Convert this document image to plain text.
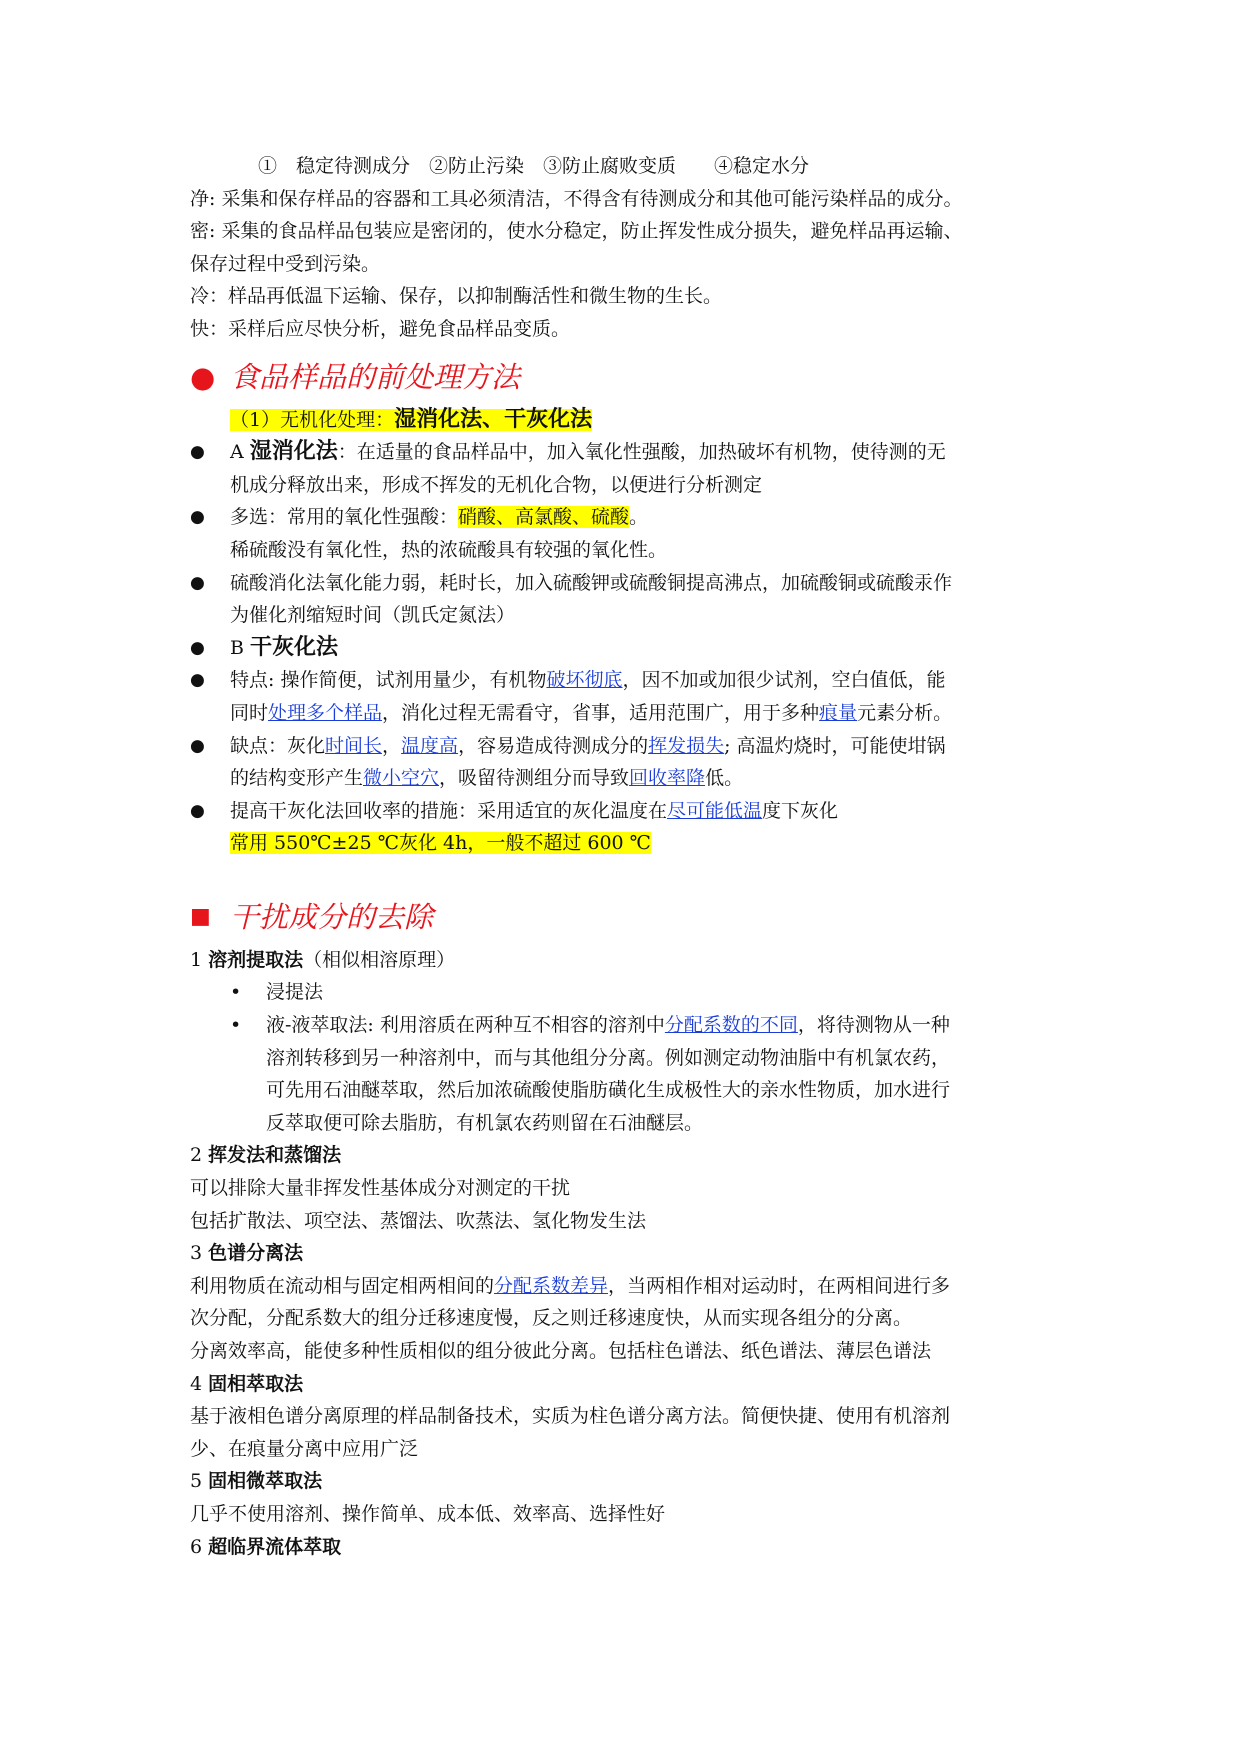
①　稳定待测成分　②防止污染　③防止腐败变质　　④稳定水分
净: 采集和保存样品的容器和工具必须清洁，不得含有待测成分和其他可能污染样品的成分。
密: 采集的食品样品包装应是密闭的，使水分稳定，防止挥发性成分损失，避免样品再运输、
保存过程中受到污染。
冷：样品再低温下运输、保存，以抑制酶活性和微生物的生长。
快：采样后应尽快分析，避免食品样品变质。
● 食品样品的前处理方法
（1）无机化处理：湿消化法、干灰化法
● A 湿消化法：在适量的食品样品中，加入氧化性强酸，加热破坏有机物，使待测的无
机成分释放出来，形成不挥发的无机化合物，以便进行分析测定
● 多选：常用的氧化性强酸：硝酸、高氯酸、硫酸。
稀硫酸没有氧化性，热的浓硫酸具有较强的氧化性。
● 硫酸消化法氧化能力弱，耗时长，加入硫酸钾或硫酸铜提高沸点，加硫酸铜或硫酸汞作
为催化剂缩短时间（凯氏定氮法）
● B 干灰化法
● 特点: 操作简便，试剂用量少，有机物破坏彻底，因不加或加很少试剂，空白值低，能
同时处理多个样品，消化过程无需看守，省事，适用范围广，用于多种痕量元素分析。
● 缺点：灰化时间长，温度高，容易造成待测成分的挥发损失; 高温灼烧时，可能使坩锅
的结构变形产生微小空穴，吸留待测组分而导致回收率降低。
● 提高干灰化法回收率的措施：采用适宜的灰化温度在尽可能低温度下灰化
常用 550℃±25 ℃灰化 4h，一般不超过 600 ℃
■ 干扰成分的去除
1 溶剂提取法（相似相溶原理）
• 浸提法
• 液-液萃取法: 利用溶质在两种互不相容的溶剂中分配系数的不同，将待测物从一种
溶剂转移到另一种溶剂中，而与其他组分分离。例如测定动物油脂中有机氯农药，
可先用石油醚萃取，然后加浓硫酸使脂肪磺化生成极性大的亲水性物质，加水进行
反萃取便可除去脂肪，有机氯农药则留在石油醚层。
2 挥发法和蒸馏法
可以排除大量非挥发性基体成分对测定的干扰
包括扩散法、项空法、蒸馏法、吹蒸法、氢化物发生法
3 色谱分离法
利用物质在流动相与固定相两相间的分配系数差异，当两相作相对运动时，在两相间进行多
次分配，分配系数大的组分迁移速度慢，反之则迁移速度快，从而实现各组分的分离。
分离效率高，能使多种性质相似的组分彼此分离。包括柱色谱法、纸色谱法、薄层色谱法
4 固相萃取法
基于液相色谱分离原理的样品制备技术，实质为柱色谱分离方法。简便快捷、使用有机溶剂
少、在痕量分离中应用广泛
5 固相微萃取法
几乎不使用溶剂、操作简单、成本低、效率高、选择性好
6 超临界流体萃取
